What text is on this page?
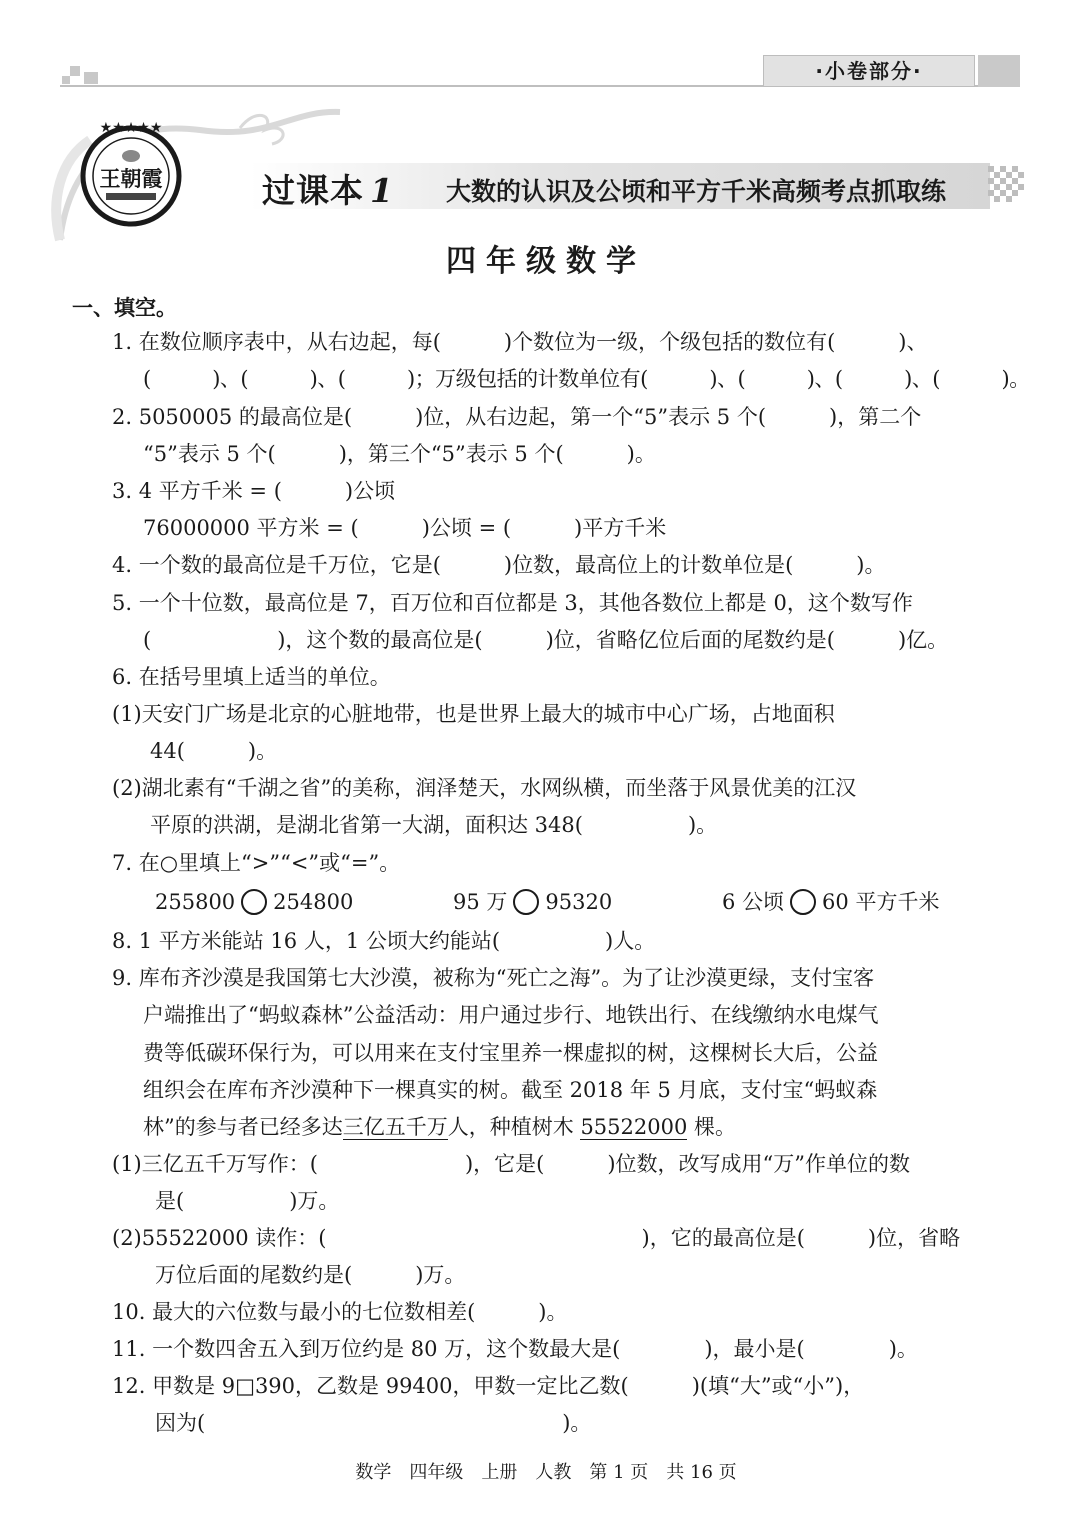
·小卷部分·
★★★★★
王朝霞	过课本 1 大数的认识及公顷和平方千米高频考点抓取练
四年级数学
一、填空。
1. 在数位顺序表中，从右边起，每(　　　)个数位为一级，个级包括的数位有(　　　)、
(　　　)、(　　　)、(　　　)；万级包括的计数单位有(　　　)、(　　　)、(　　　)、(　　　)。
2. 5050005 的最高位是(　　　)位，从右边起，第一个“5”表示 5 个(　　　)，第二个
“5”表示 5 个(　　　)，第三个“5”表示 5 个(　　　)。
3. 4 平方千米 = (　　　)公顷
76000000 平方米 = (　　　)公顷 = (　　　)平方千米
4. 一个数的最高位是千万位，它是(　　　)位数，最高位上的计数单位是(　　　)。
5. 一个十位数，最高位是 7，百万位和百位都是 3，其他各数位上都是 0，这个数写作
(　　　　　　)，这个数的最高位是(　　　)位，省略亿位后面的尾数约是(　　　)亿。
6. 在括号里填上适当的单位。
(1)天安门广场是北京的心脏地带，也是世界上最大的城市中心广场，占地面积
44(　　　)。
(2)湖北素有“千湖之省”的美称，润泽楚天，水网纵横，而坐落于风景优美的江汉
平原的洪湖，是湖北省第一大湖，面积达 348(　　　　　)。
7. 在○里填上“>”“<”或“=”。
255800 254800	95 万 95320	6 公顷 60 平方千米
8. 1 平方米能站 16 人，1 公顷大约能站(　　　　　)人。
9. 库布齐沙漠是我国第七大沙漠，被称为“死亡之海”。为了让沙漠更绿，支付宝客
户端推出了“蚂蚁森林”公益活动：用户通过步行、地铁出行、在线缴纳水电煤气
费等低碳环保行为，可以用来在支付宝里养一棵虚拟的树，这棵树长大后，公益
组织会在库布齐沙漠种下一棵真实的树。截至 2018 年 5 月底，支付宝“蚂蚁森
林”的参与者已经多达三亿五千万人，种植树木 55522000 棵。
(1)三亿五千万写作：(　　　　　　　)，它是(　　　)位数，改写成用“万”作单位的数
是(　　　　　)万。
(2)55522000 读作：(　　　　　　　　　　　　　　　)，它的最高位是(　　　)位，省略
万位后面的尾数约是(　　　)万。
10. 最大的六位数与最小的七位数相差(　　　)。
11. 一个数四舍五入到万位约是 80 万，这个数最大是(　　　　)，最小是(　　　　)。
12. 甲数是 9□390，乙数是 99400，甲数一定比乙数(　　　)(填“大”或“小”)，
因为(　　　　　　　　　　　　　　　　　)。
数学　四年级　上册　人教　第 1 页　共 16 页
